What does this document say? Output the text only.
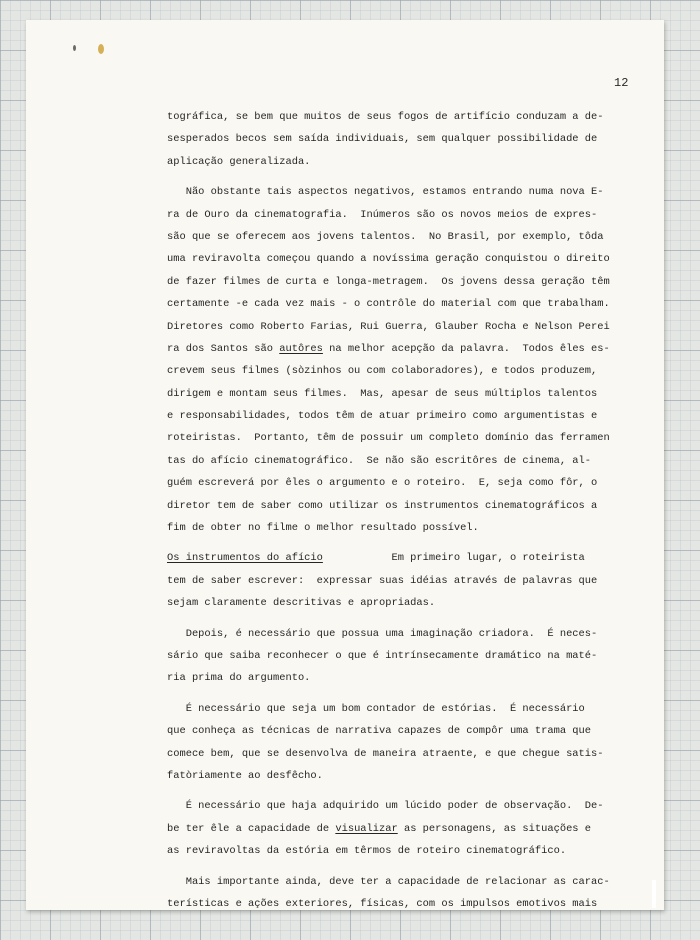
12
tográfica, se bem que muitos de seus fogos de artifício conduzam a de-
sesperados becos sem saída individuais, sem qualquer possibilidade de
aplicação generalizada.
Não obstante tais aspectos negativos, estamos entrando numa nova E-
ra de Ouro da cinematografia.  Inúmeros são os novos meios de expres-
são que se oferecem aos jovens talentos.  No Brasil, por exemplo, tôda
uma reviravolta começou quando a novíssima geração conquistou o direito
de fazer filmes de curta e longa-metragem.  Os jovens dessa geração têm
certamente -e cada vez mais - o contrôle do material com que trabalham.
Diretores como Roberto Farias, Rui Guerra, Glauber Rocha e Nelson Perei
ra dos Santos são autôres na melhor acepção da palavra.  Todos êles es-
crevem seus filmes (sòzinhos ou com colaboradores), e todos produzem,
dirigem e montam seus filmes.  Mas, apesar de seus múltiplos talentos
e responsabilidades, todos têm de atuar primeiro como argumentistas e
roteiristas.  Portanto, têm de possuir um completo domínio das ferramen
tas do afício cinematográfico.  Se não são escritôres de cinema, al-
guém escreverá por êles o argumento e o roteiro.  E, seja como fôr, o
diretor tem de saber como utilizar os instrumentos cinematográficos a
fim de obter no filme o melhor resultado possível.
Os instrumentos do afício           Em primeiro lugar, o roteirista
tem de saber escrever:  expressar suas idéias através de palavras que
sejam claramente descritivas e apropriadas.
Depois, é necessário que possua uma imaginação criadora.  É neces-
sário que saiba reconhecer o que é intrínsecamente dramático na maté-
ria prima do argumento.
É necessário que seja um bom contador de estórias.  É necessário
que conheça as técnicas de narrativa capazes de compôr uma trama que
comece bem, que se desenvolva de maneira atraente, e que chegue satis-
fatòriamente ao desfêcho.
É necessário que haja adquirido um lúcido poder de observação.  De-
be ter êle a capacidade de visualizar as personagens, as situações e
as reviravoltas da estória em têrmos de roteiro cinematográfico.
Mais importante ainda, deve ter a capacidade de relacionar as carac-
terísticas e ações exteriores, físicas, com os impulsos emotivos mais
